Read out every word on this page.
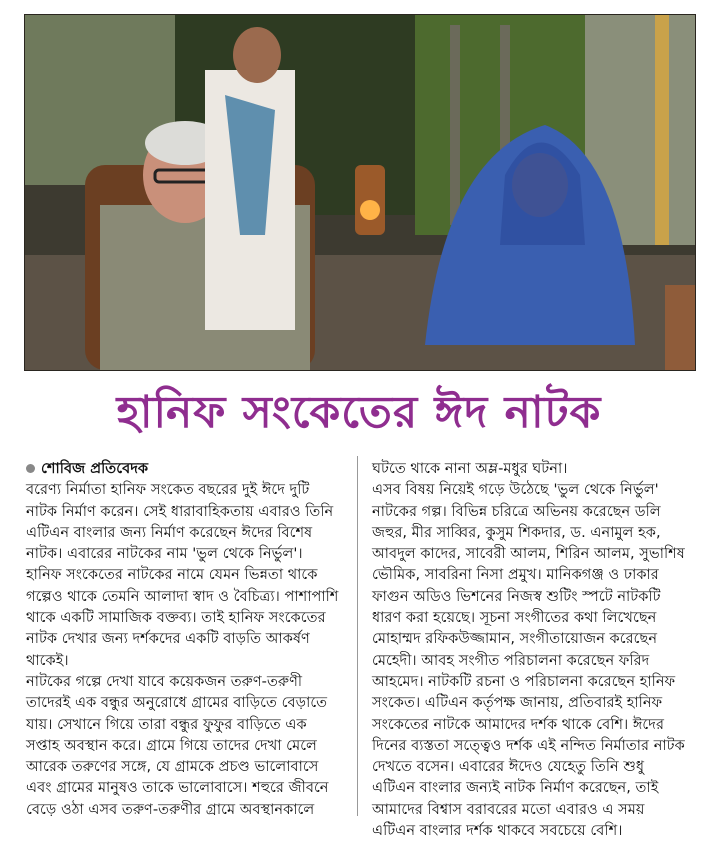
হানিফ সংকেতের ঈদ নাটক

শোবিজ প্রতিবেদক

বরেণ্য নির্মাতা হানিফ সংকেত বছরের দুই ঈদে দুটি নাটক নির্মাণ করেন। সেই ধারাবাহিকতায় এবারও তিনি এটিএন বাংলার জন্য নির্মাণ করেছেন ঈদের বিশেষ নাটক। এবারের নাটকের নাম 'ভুল থেকে নির্ভুল'।

হানিফ সংকেতের নাটকের নামে যেমন ভিন্নতা থাকে গল্পেও থাকে তেমনি আলাদা স্বাদ ও বৈচিত্র্য। পাশাপাশি থাকে একটি সামাজিক বক্তব্য। তাই হানিফ সংকেতের নাটক দেখার জন্য দর্শকদের একটি বাড়তি আকর্ষণ থাকেই।

নাটকের গল্পে দেখা যাবে কয়েকজন তরুণ-তরুণী তাদেরই এক বন্ধুর অনুরোধে গ্রামের বাড়িতে বেড়াতে যায়। সেখানে গিয়ে তারা বন্ধুর ফুফুর বাড়িতে এক সপ্তাহ অবস্থান করে। গ্রামে গিয়ে তাদের দেখা মেলে আরেক তরুণের সঙ্গে, যে গ্রামকে প্রচণ্ড ভালোবাসে এবং গ্রামের মানুষও তাকে ভালোবাসে। শহুরে জীবনে বেড়ে ওঠা এসব তরুণ-তরুণীর গ্রামে অবস্থানকালে

ঘটতে থাকে নানা অম্ল-মধুর ঘটনা।

এসব বিষয় নিয়েই গড়ে উঠেছে 'ভুল থেকে নির্ভুল' নাটকের গল্প। বিভিন্ন চরিত্রে অভিনয় করেছেন ডলি জহুর, মীর সাব্বির, কুসুম শিকদার, ড. এনামুল হক, আবদুল কাদের, সাবেরী আলম, শিরিন আলম, সুভাশিষ ভৌমিক, সাবরিনা নিসা প্রমুখ। মানিকগঞ্জ ও ঢাকার ফাগুন অডিও ভিশনের নিজস্ব শুটিং স্পটে নাটকটি ধারণ করা হয়েছে। সূচনা সংগীতের কথা লিখেছেন মোহাম্মদ রফিকউজ্জামান, সংগীতায়োজন করেছেন মেহেদী। আবহ সংগীত পরিচালনা করেছেন ফরিদ আহমেদ। নাটকটি রচনা ও পরিচালনা করেছেন হানিফ সংকেত। এটিএন কর্তৃপক্ষ জানায়, প্রতিবারই হানিফ সংকেতের নাটকে আমাদের দর্শক থাকে বেশি। ঈদের দিনের ব্যস্ততা সত্ত্বেও দর্শক এই নন্দিত নির্মাতার নাটক দেখতে বসেন। এবারের ঈদেও যেহেতু তিনি শুধু এটিএন বাংলার জন্যই নাটক নির্মাণ করেছেন, তাই আমাদের বিশ্বাস বরাবরের মতো এবারও এ সময় এটিএন বাংলার দর্শক থাকবে সবচেয়ে বেশি।
